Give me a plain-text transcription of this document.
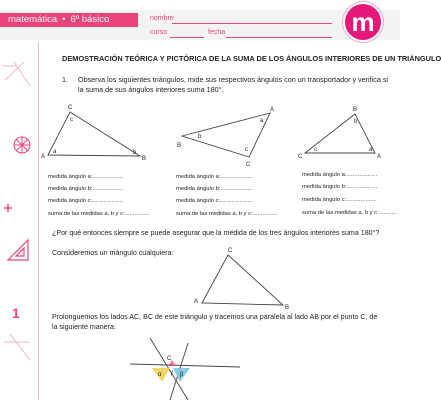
matemática • 6º básico	nombre
curso	fecha	m
1
DEMOSTRACIÓN TEÓRICA Y PICTÓRICA DE LA SUMA DE LOS ÁNGULOS INTERIORES DE UN TRIÁNGULO
1. Observa los siguientes triángulos, mide sus respectivos ángulos con un transportador y verifica si la suma de sus ángulos interiores suma 180°.
A	B
C
a	b
c
B
A
C
b
a
c
C
B
A
c
b
a
medida ángulo a:...................
medida ángulo b:...................
medida ángulo c:...................
suma de las medidas a, b y c:...............
medida ángulo a:....................
medida ángulo b:....................
medida ángulo c:....................
suma de las medidas a, b y c:...............
medida ángulo a:...................
medida ángulo b:...................
medida ángulo c:...................
suma de las medidas a, b y c:...........
¿Por qué entonces siempre se puede asegurar que la medida de los tres ángulos interiores suma 180°?
Consideremos un triángulo cualquiera:
A
C
B
Prolonguemos los lados AC, BC de este triángulo y tracemos una paralela al lado AB por el punto C, de la siguiente manera:
C
α γ β
